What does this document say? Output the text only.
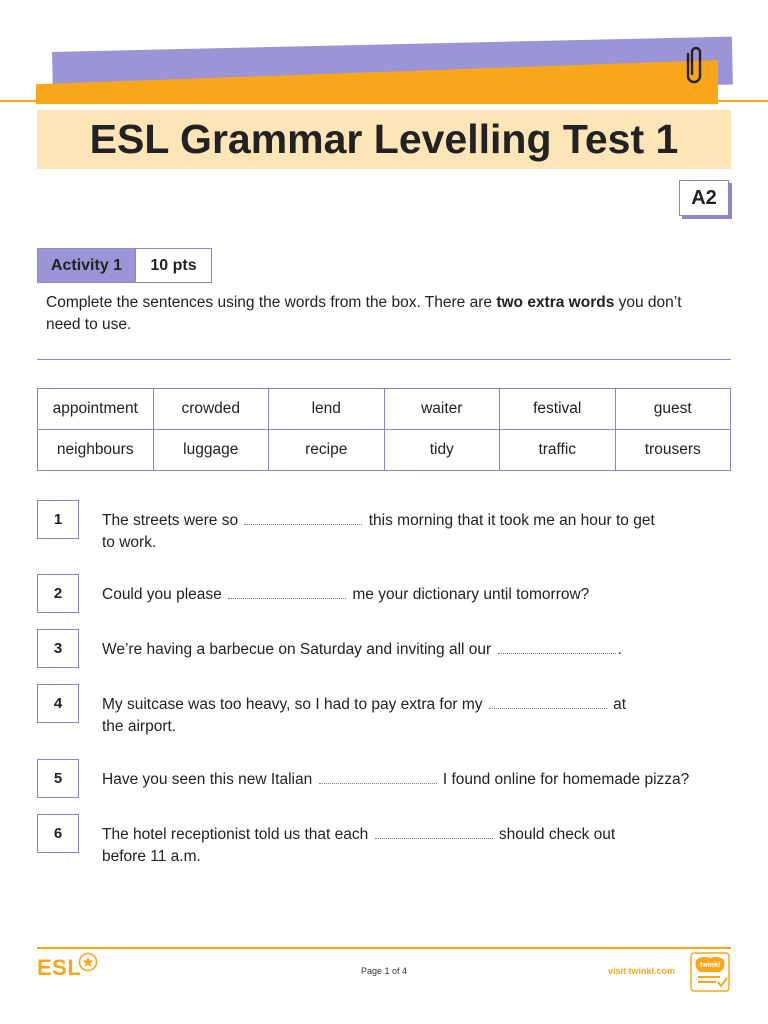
ESL Grammar Levelling Test 1
A2
Activity 1	10 pts
Complete the sentences using the words from the box. There are two extra words you don’t need to use.
appointment	crowded	lend	waiter	festival	guest
neighbours	luggage	recipe	tidy	traffic	trousers
1	The streets were so	this morning that it took me an hour to get
to work.
2	Could you please	me your dictionary until tomorrow?
3	We’re having a barbecue on Saturday and inviting all our	.
4	My suitcase was too heavy, so I had to pay extra for my	at
the airport.
5	Have you seen this new Italian	I found online for homemade pizza?
6	The hotel receptionist told us that each	should check out
before 11 a.m.
ESL	Page 1 of 4	visit twinkl.com
twinkl
